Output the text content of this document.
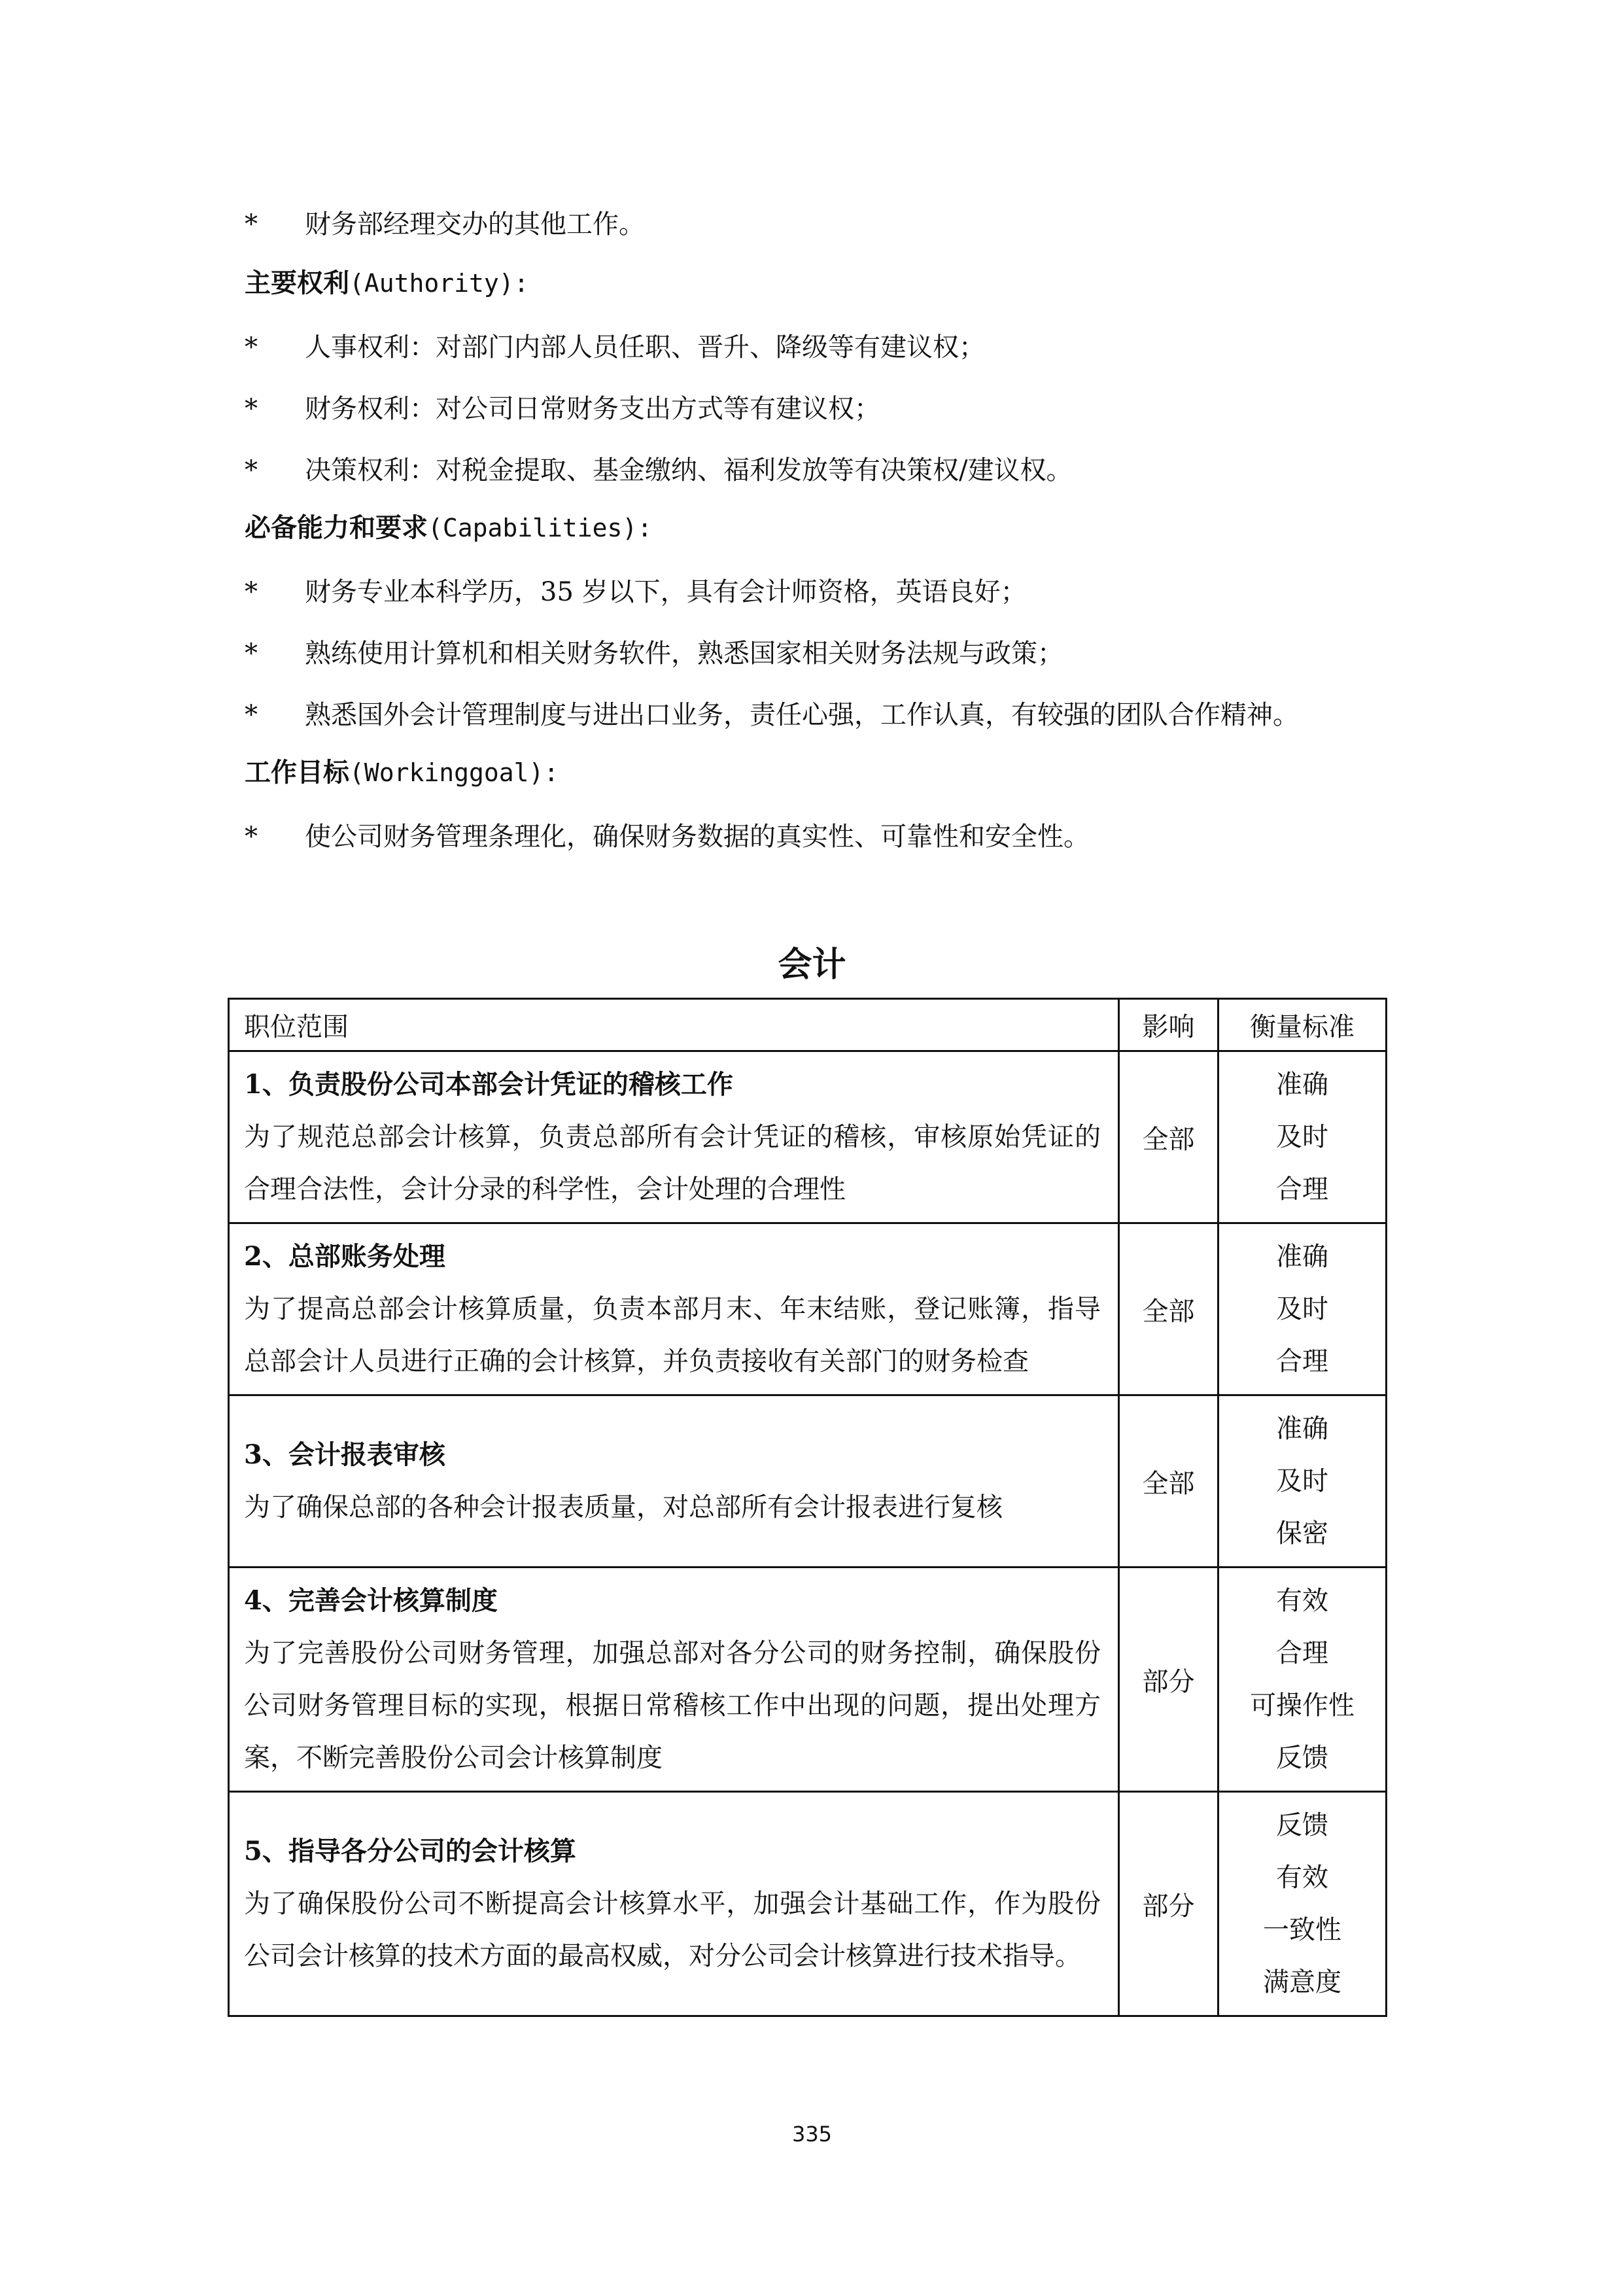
* 财务部经理交办的其他工作。
主要权利(Authority):
* 人事权利：对部门内部人员任职、晋升、降级等有建议权；
* 财务权利：对公司日常财务支出方式等有建议权；
* 决策权利：对税金提取、基金缴纳、福利发放等有决策权/建议权。
必备能力和要求(Capabilities):
* 财务专业本科学历，35 岁以下，具有会计师资格，英语良好；
* 熟练使用计算机和相关财务软件，熟悉国家相关财务法规与政策；
* 熟悉国外会计管理制度与进出口业务，责任心强，工作认真，有较强的团队合作精神。
工作目标(Workinggoal):
* 使公司财务管理条理化，确保财务数据的真实性、可靠性和安全性。
会计
职位范围	影响	衡量标准

1、负责股份公司本部会计凭证的稽核工作
为了规范总部会计核算，负责总部所有会计凭证的稽核，审核原始凭证的合理合法性，会计分录的科学性，会计处理的合理性	全部	准确
及时
合理

2、总部账务处理
为了提高总部会计核算质量，负责本部月末、年末结账，登记账簿，指导总部会计人员进行正确的会计核算，并负责接收有关部门的财务检查	全部	准确
及时
合理

3、会计报表审核
为了确保总部的各种会计报表质量，对总部所有会计报表进行复核	全部	准确
及时
保密

4、完善会计核算制度
为了完善股份公司财务管理，加强总部对各分公司的财务控制，确保股份公司财务管理目标的实现，根据日常稽核工作中出现的问题，提出处理方案，不断完善股份公司会计核算制度	部分	有效
合理
可操作性
反馈

5、指导各分公司的会计核算
为了确保股份公司不断提高会计核算水平，加强会计基础工作，作为股份公司会计核算的技术方面的最高权威，对分公司会计核算进行技术指导。	部分	反馈
有效
一致性
满意度
335
